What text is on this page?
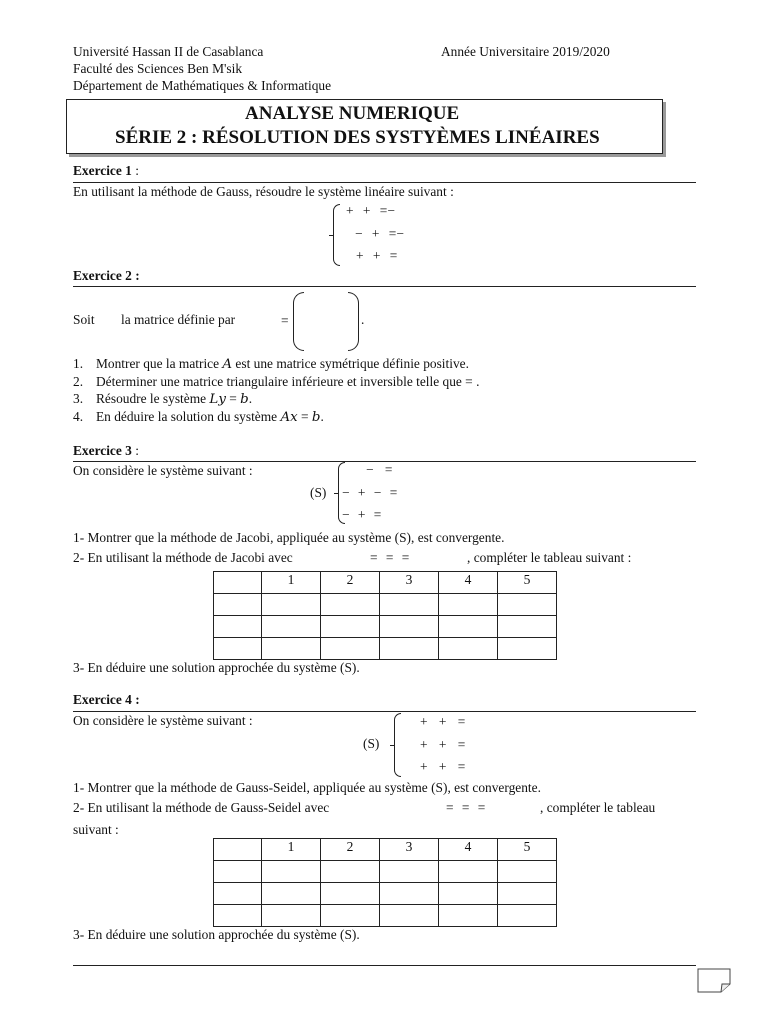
Université Hassan II de Casablanca
Faculté des Sciences Ben M'sik
Département de Mathématiques & Informatique
Année Universitaire 2019/2020
ANALYSE NUMERIQUE
SÉRIE 2 : RÉSOLUTION DES SYSTYÈMES LINÉAIRES
Exercice 1 :
En utilisant la méthode de Gauss, résoudre le système linéaire suivant :
+ + =−
− + =−
+ + =
Exercice 2 :
Soit la matrice définie par	=	.
1. Montrer que la matrice 𝐴 est une matrice symétrique définie positive.
2. Déterminer une matrice triangulaire inférieure et inversible telle que = .
3. Résoudre le système 𝐿𝑦 = 𝑏.
4. En déduire la solution du système 𝐴𝑥 = 𝑏.
Exercice 3 :
On considère le système suivant :
(S)
− =
− + − =
− + =
1- Montrer que la méthode de Jacobi, appliquée au système (S), est convergente.
2- En utilisant la méthode de Jacobi avec	= = =	, compléter le tableau suivant :
	1	2	3	4	5

3- En déduire une solution approchée du système (S).
Exercice 4 :
On considère le système suivant :
(S)
+ + =
+ + =
+ + =
1- Montrer que la méthode de Gauss-Seidel, appliquée au système (S), est convergente.
2- En utilisant la méthode de Gauss-Seidel avec	= = =	, compléter le tableau
suivant :
	1	2	3	4	5

3- En déduire une solution approchée du système (S).
